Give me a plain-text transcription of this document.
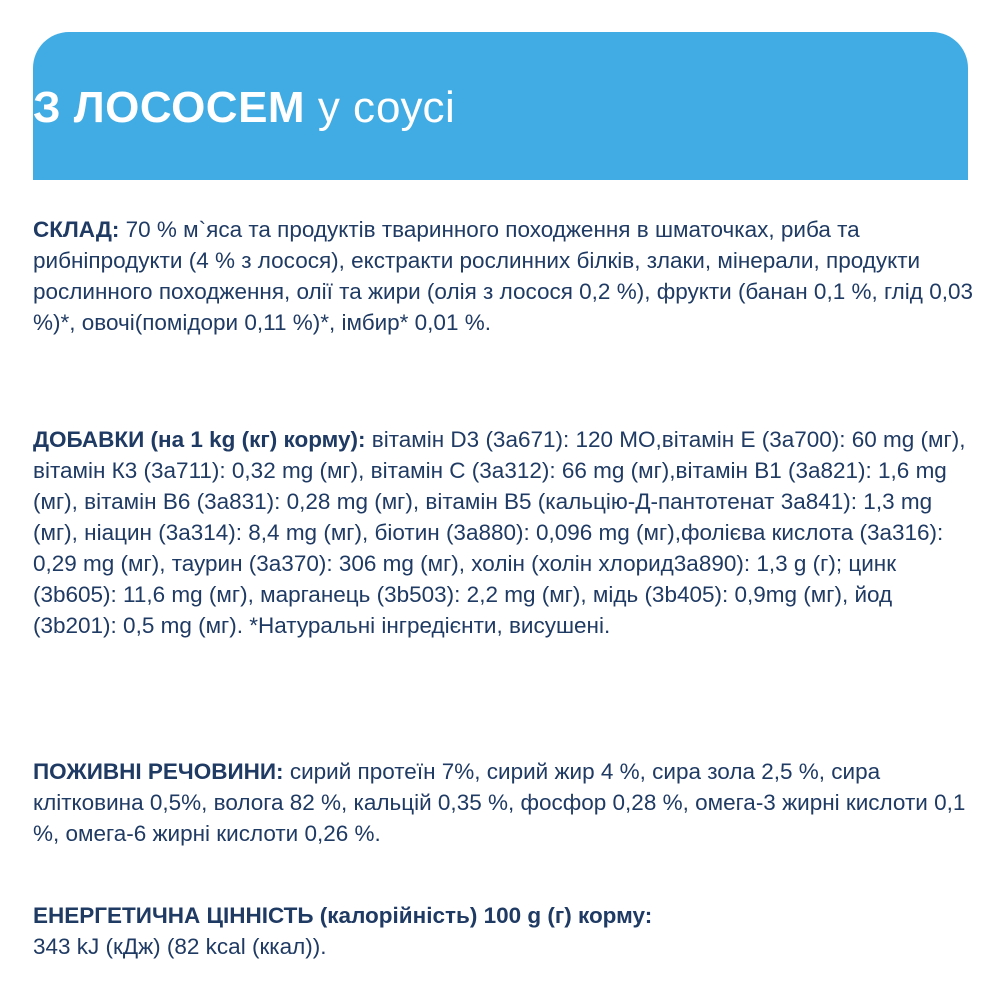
З ЛОСОСЕМ у соусі

СКЛАД: 70 % м`яса та продуктів тваринного походження в шматочках, риба та рибніпродукти (4 % з лосося), екстракти рослинних білків, злаки, мінерали, продукти рослинного походження, олії та жири (олія з лосося 0,2 %), фрукти (банан 0,1 %, глід 0,03 %)*, овочі(помідори 0,11 %)*, імбир* 0,01 %.

ДОБАВКИ (на 1 kg (кг) корму): вітамін D3 (3а671): 120 МО,вітамін Е (3а700): 60 mg (мг), вітамін К3 (3а711): 0,32 mg (мг), вітамін С (3а312): 66 mg (мг),вітамін B1 (3а821): 1,6 mg (мг), вітамін B6 (3а831): 0,28 mg (мг), вітамін B5 (кальцію-Д-пантотенат 3а841): 1,3 mg (мг), ніацин (3а314): 8,4 mg (мг), біотин (3а880): 0,096 mg (мг),фолієва кислота (3а316): 0,29 mg (мг), таурин (3а370): 306 mg (мг), холін (холін хлорид3а890): 1,3 g (г); цинк (3b605): 11,6 mg (мг), марганець (3b503): 2,2 mg (мг), мідь (3b405): 0,9mg (мг), йод (3b201): 0,5 mg (мг). *Натуральні інгредієнти, висушені.

ПОЖИВНІ РЕЧОВИНИ: сирий протеїн 7%, сирий жир 4 %, сира зола 2,5 %, сира клітковина 0,5%, волога 82 %, кальцій 0,35 %, фосфор 0,28 %, омега-3 жирні кислоти 0,1 %, омега-6 жирні кислоти 0,26 %.

ЕНЕРГЕТИЧНА ЦІННІСТЬ (калорійність) 100 g (г) корму:
343 kJ (кДж) (82 kcal (ккал)).
